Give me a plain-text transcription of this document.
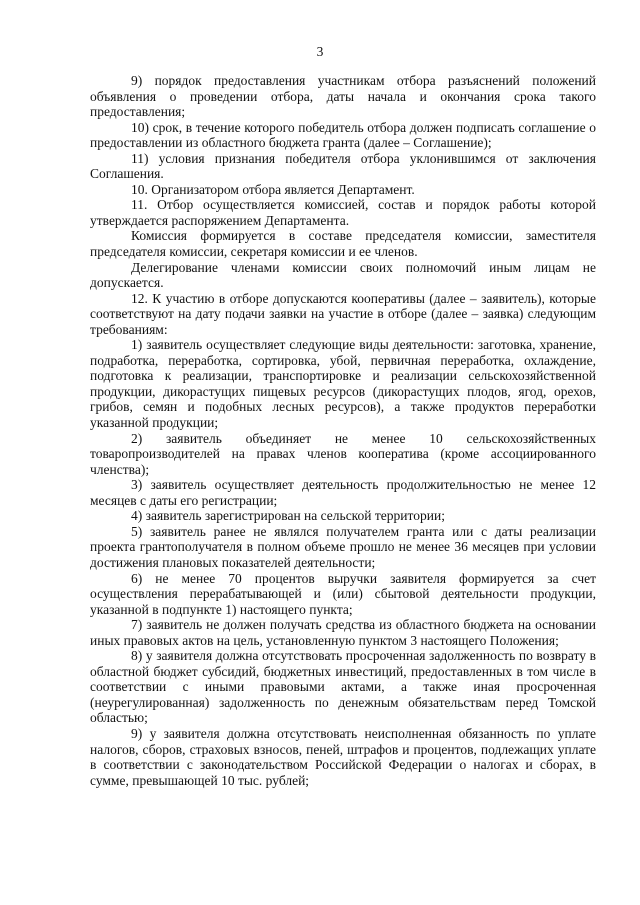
3

9) порядок предоставления участникам отбора разъяснений положений объявления о проведении отбора, даты начала и окончания срока такого предоставления;

10) срок, в течение которого победитель отбора должен подписать соглашение о предоставлении из областного бюджета гранта (далее – Соглашение);

11) условия признания победителя отбора уклонившимся от заключения Соглашения.

10. Организатором отбора является Департамент.

11. Отбор осуществляется комиссией, состав и порядок работы которой утверждается распоряжением Департамента.

Комиссия формируется в составе председателя комиссии, заместителя председателя комиссии, секретаря комиссии и ее членов.

Делегирование членами комиссии своих полномочий иным лицам не допускается.

12. К участию в отборе допускаются кооперативы (далее – заявитель), которые соответствуют на дату подачи заявки на участие в отборе (далее – заявка) следующим требованиям:

1) заявитель осуществляет следующие виды деятельности: заготовка, хранение, подработка, переработка, сортировка, убой, первичная переработка, охлаждение, подготовка к реализации, транспортировке и реализации сельскохозяйственной продукции, дикорастущих пищевых ресурсов (дикорастущих плодов, ягод, орехов, грибов, семян и подобных лесных ресурсов), а также продуктов переработки указанной продукции;

2) заявитель объединяет не менее 10 сельскохозяйственных товаропроизводителей на правах членов кооператива (кроме ассоциированного членства);

3) заявитель осуществляет деятельность продолжительностью не менее 12 месяцев с даты его регистрации;

4) заявитель зарегистрирован на сельской территории;

5) заявитель ранее не являлся получателем гранта или с даты реализации проекта грантополучателя в полном объеме прошло не менее 36 месяцев при условии достижения плановых показателей деятельности;

6) не менее 70 процентов выручки заявителя формируется за счет осуществления перерабатывающей и (или) сбытовой деятельности продукции, указанной в подпункте 1) настоящего пункта;

7) заявитель не должен получать средства из областного бюджета на основании иных правовых актов на цель, установленную пунктом 3 настоящего Положения;

8) у заявителя должна отсутствовать просроченная задолженность по возврату в областной бюджет субсидий, бюджетных инвестиций, предоставленных в том числе в соответствии с иными правовыми актами, а также иная просроченная (неурегулированная) задолженность по денежным обязательствам перед Томской областью;

9) у заявителя должна отсутствовать неисполненная обязанность по уплате налогов, сборов, страховых взносов, пеней, штрафов и процентов, подлежащих уплате в соответствии с законодательством Российской Федерации о налогах и сборах, в сумме, превышающей 10 тыс. рублей;
